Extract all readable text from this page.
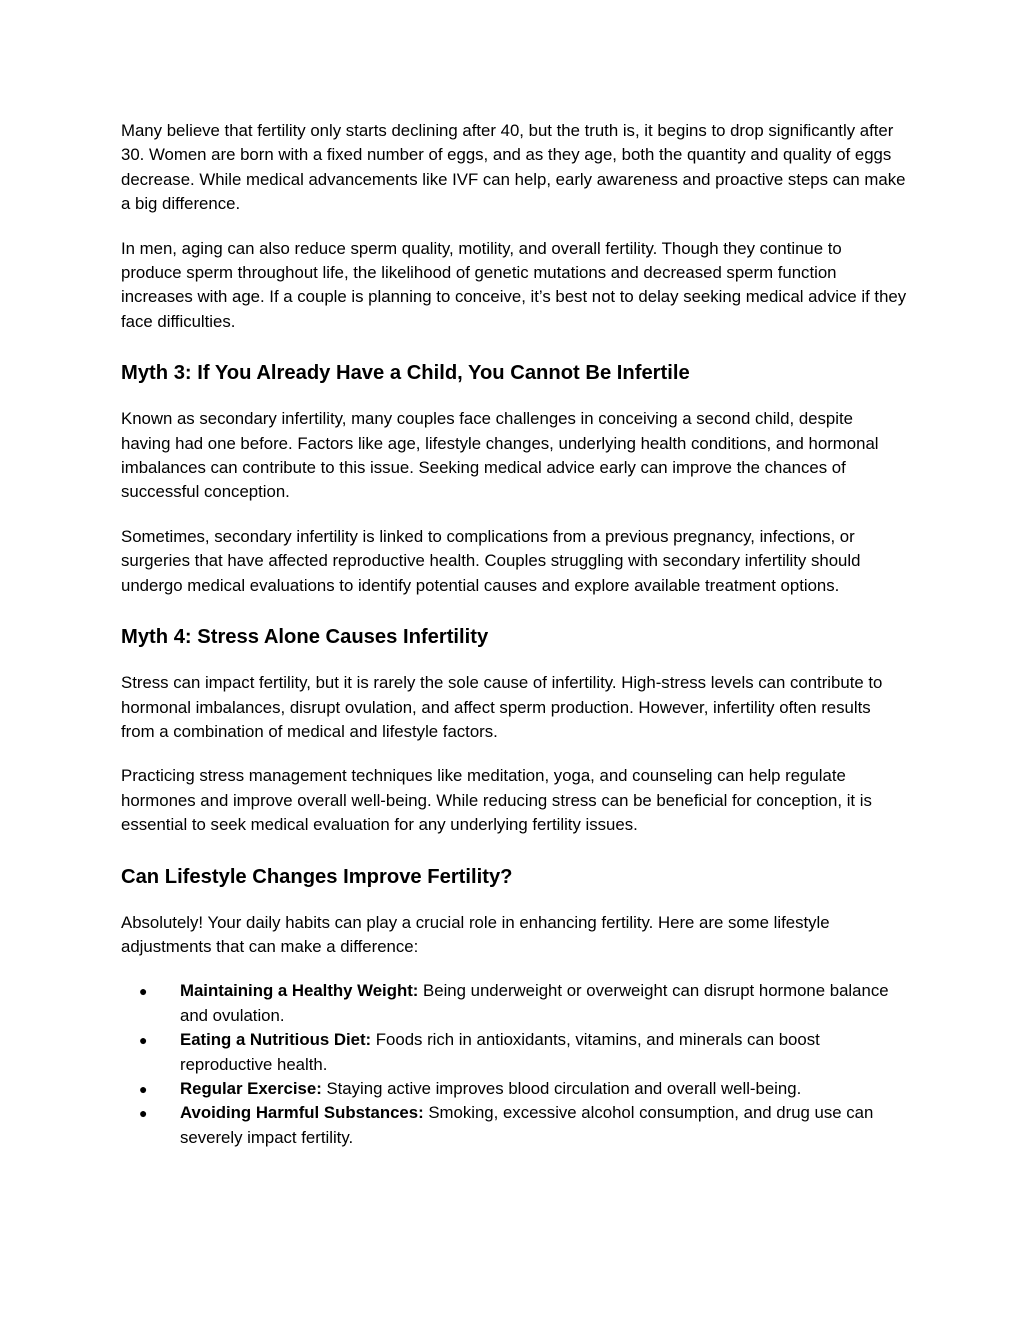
Many believe that fertility only starts declining after 40, but the truth is, it begins to drop significantly after 30. Women are born with a fixed number of eggs, and as they age, both the quantity and quality of eggs decrease. While medical advancements like IVF can help, early awareness and proactive steps can make a big difference.

In men, aging can also reduce sperm quality, motility, and overall fertility. Though they continue to produce sperm throughout life, the likelihood of genetic mutations and decreased sperm function increases with age. If a couple is planning to conceive, it’s best not to delay seeking medical advice if they face difficulties.

Myth 3: If You Already Have a Child, You Cannot Be Infertile

Known as secondary infertility, many couples face challenges in conceiving a second child, despite having had one before. Factors like age, lifestyle changes, underlying health conditions, and hormonal imbalances can contribute to this issue. Seeking medical advice early can improve the chances of successful conception.

Sometimes, secondary infertility is linked to complications from a previous pregnancy, infections, or surgeries that have affected reproductive health. Couples struggling with secondary infertility should undergo medical evaluations to identify potential causes and explore available treatment options.

Myth 4: Stress Alone Causes Infertility

Stress can impact fertility, but it is rarely the sole cause of infertility. High-stress levels can contribute to hormonal imbalances, disrupt ovulation, and affect sperm production. However, infertility often results from a combination of medical and lifestyle factors.

Practicing stress management techniques like meditation, yoga, and counseling can help regulate hormones and improve overall well-being. While reducing stress can be beneficial for conception, it is essential to seek medical evaluation for any underlying fertility issues.

Can Lifestyle Changes Improve Fertility?

Absolutely! Your daily habits can play a crucial role in enhancing fertility. Here are some lifestyle adjustments that can make a difference:

● Maintaining a Healthy Weight: Being underweight or overweight can disrupt hormone balance and ovulation.
● Eating a Nutritious Diet: Foods rich in antioxidants, vitamins, and minerals can boost reproductive health.
● Regular Exercise: Staying active improves blood circulation and overall well-being.
● Avoiding Harmful Substances: Smoking, excessive alcohol consumption, and drug use can severely impact fertility.
